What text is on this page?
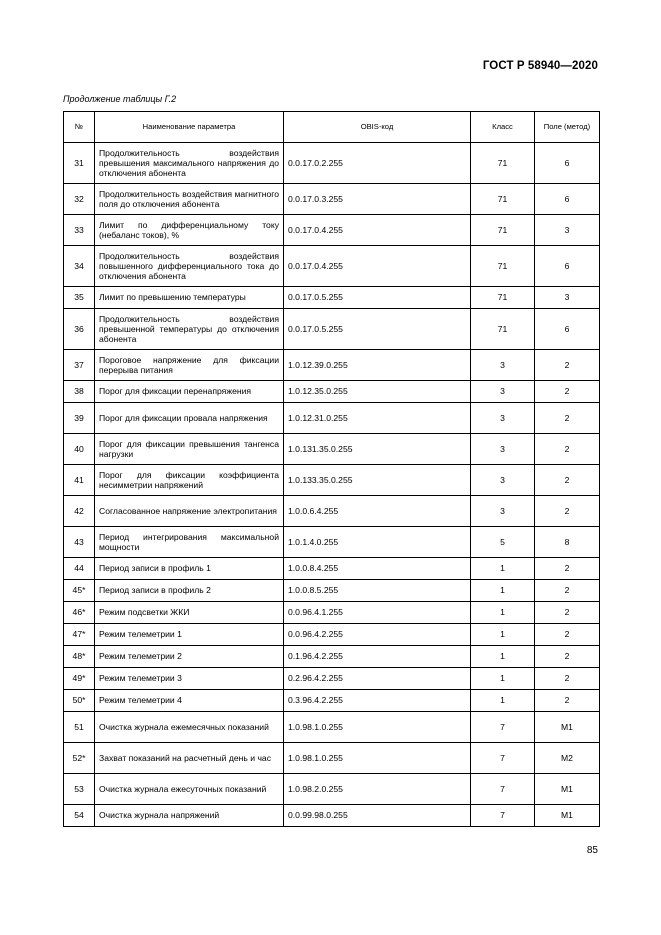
ГОСТ Р 58940—2020
Продолжение таблицы Г.2
№	Наименование параметра	OBIS-код	Класс	Поле (метод)
31	Продолжительность воздействия превышения максимального напряжения до отключения абонента	0.0.17.0.2.255	71	6
32	Продолжительность воздействия магнитного поля до отключения абонента	0.0.17.0.3.255	71	6
33	Лимит по дифференциальному току (небаланс токов), %	0.0.17.0.4.255	71	3
34	Продолжительность воздействия повышенного дифференциального тока до отключения абонента	0.0.17.0.4.255	71	6
35	Лимит по превышению температуры	0.0.17.0.5.255	71	3
36	Продолжительность воздействия превышенной температуры до отключения абонента	0.0.17.0.5.255	71	6
37	Пороговое напряжение для фиксации перерыва питания	1.0.12.39.0.255	3	2
38	Порог для фиксации перенапряжения	1.0.12.35.0.255	3	2
39	Порог для фиксации провала напряжения	1.0.12.31.0.255	3	2
40	Порог для фиксации превышения тангенса нагрузки	1.0.131.35.0.255	3	2
41	Порог для фиксации коэффициента несимметрии напряжений	1.0.133.35.0.255	3	2
42	Согласованное напряжение электропитания	1.0.0.6.4.255	3	2
43	Период интегрирования максимальной мощности	1.0.1.4.0.255	5	8
44	Период записи в профиль 1	1.0.0.8.4.255	1	2
45*	Период записи в профиль 2	1.0.0.8.5.255	1	2
46*	Режим подсветки ЖКИ	0.0.96.4.1.255	1	2
47*	Режим телеметрии 1	0.0.96.4.2.255	1	2
48*	Режим телеметрии 2	0.1.96.4.2.255	1	2
49*	Режим телеметрии 3	0.2.96.4.2.255	1	2
50*	Режим телеметрии 4	0.3.96.4.2.255	1	2
51	Очистка журнала ежемесячных показаний	1.0.98.1.0.255	7	M1
52*	Захват показаний на расчетный день и час	1.0.98.1.0.255	7	M2
53	Очистка журнала ежесуточных показаний	1.0.98.2.0.255	7	M1
54	Очистка журнала напряжений	0.0.99.98.0.255	7	M1
85
